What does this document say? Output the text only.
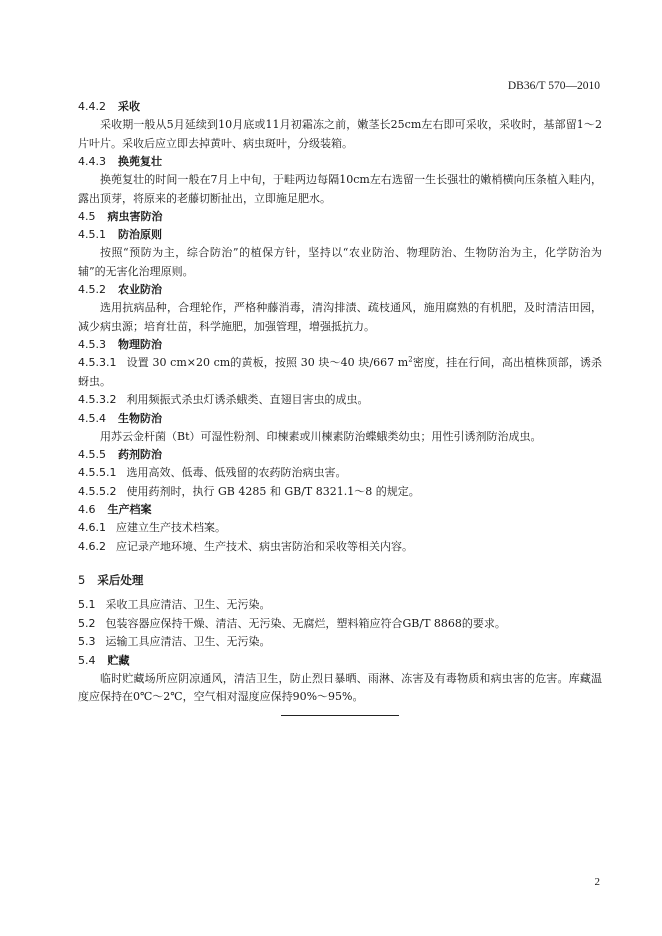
DB36/T 570—2010
4.4.2 采收

采收期一般从5月延续到10月底或11月初霜冻之前，嫩茎长25cm左右即可采收，采收时，基部留1～2片叶片。采收后应立即去掉黄叶、病虫斑叶，分级装箱。

4.4.3 换蔸复壮

换蔸复壮的时间一般在7月上中旬，于畦两边每隔10cm左右选留一生长强壮的嫩梢横向压条植入畦内，露出顶芽，将原来的老藤切断扯出，立即施足肥水。

4.5 病虫害防治
4.5.1 防治原则

按照“预防为主，综合防治”的植保方针，坚持以“农业防治、物理防治、生物防治为主，化学防治为辅”的无害化治理原则。

4.5.2 农业防治

选用抗病品种，合理轮作，严格种藤消毒，清沟排渍、疏枝通风，施用腐熟的有机肥，及时清洁田园，减少病虫源；培育壮苗，科学施肥，加强管理，增强抵抗力。

4.5.3 物理防治

4.5.3.1 设置 30 cm×20 cm的黄板，按照 30 块～40 块/667 $m^2$密度，挂在行间，高出植株顶部，诱杀蚜虫。

4.5.3.2 利用频振式杀虫灯诱杀蛾类、直翅目害虫的成虫。

4.5.4 生物防治

用苏云金杆菌（Bt）可湿性粉剂、印楝素或川楝素防治蝶蛾类幼虫；用性引诱剂防治成虫。

4.5.5 药剂防治

4.5.5.1 选用高效、低毒、低残留的农药防治病虫害。

4.5.5.2 使用药剂时，执行 GB 4285 和 GB/T 8321.1～8 的规定。

4.6 生产档案

4.6.1 应建立生产技术档案。

4.6.2 应记录产地环境、生产技术、病虫害防治和采收等相关内容。

5 采后处理

5.1 采收工具应清洁、卫生、无污染。

5.2 包装容器应保持干燥、清洁、无污染、无腐烂，塑料箱应符合GB/T 8868的要求。

5.3 运输工具应清洁、卫生、无污染。

5.4 贮藏

临时贮藏场所应阴凉通风，清洁卫生，防止烈日暴晒、雨淋、冻害及有毒物质和病虫害的危害。库藏温度应保持在0℃～2℃，空气相对湿度应保持90%～95%。

2
